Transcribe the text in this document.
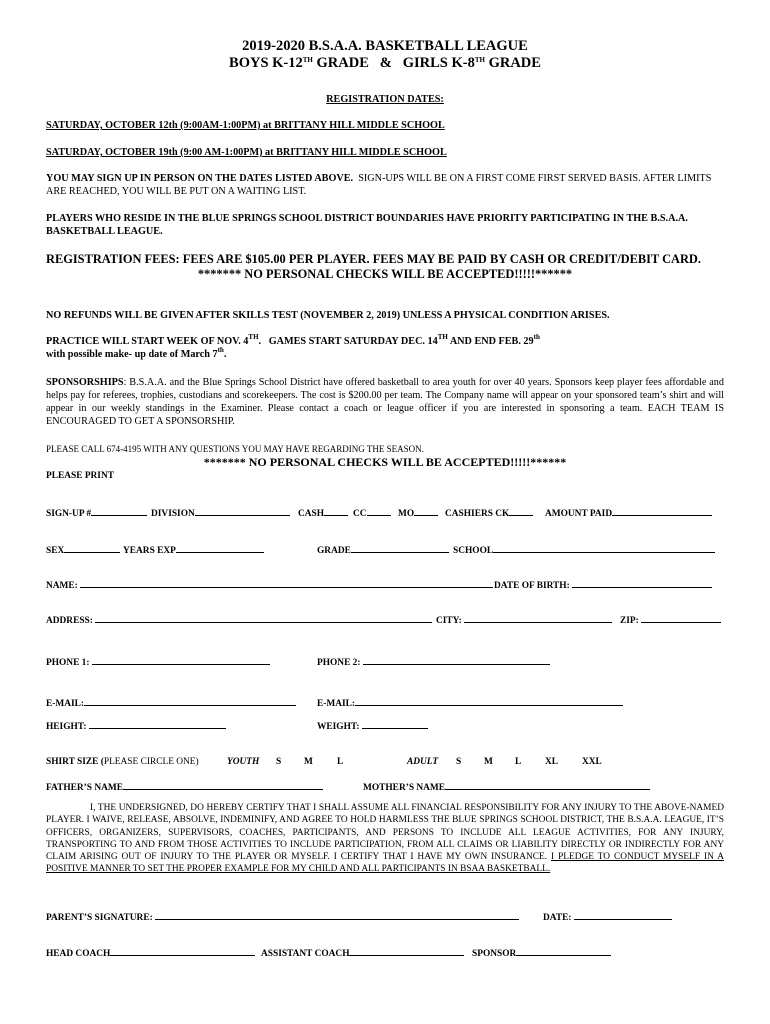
2019-2020 B.S.A.A. BASKETBALL LEAGUE
BOYS K-12TH GRADE   &   GIRLS K-8TH GRADE
REGISTRATION DATES:
SATURDAY, OCTOBER 12th (9:00AM-1:00PM) at BRITTANY HILL MIDDLE SCHOOL
SATURDAY, OCTOBER 19th (9:00 AM-1:00PM) at BRITTANY HILL MIDDLE SCHOOL
YOU MAY SIGN UP IN PERSON ON THE DATES LISTED ABOVE.  SIGN-UPS WILL BE ON A FIRST COME FIRST SERVED BASIS. AFTER LIMITS ARE REACHED, YOU WILL BE PUT ON A WAITING LIST.
PLAYERS WHO RESIDE IN THE BLUE SPRINGS SCHOOL DISTRICT BOUNDARIES HAVE PRIORITY PARTICIPATING IN THE B.S.A.A. BASKETBALL LEAGUE.
REGISTRATION FEES: FEES ARE $105.00 PER PLAYER. FEES MAY BE PAID BY CASH OR CREDIT/DEBIT CARD.
******* NO PERSONAL CHECKS WILL BE ACCEPTED!!!!!******
NO REFUNDS WILL BE GIVEN AFTER SKILLS TEST (NOVEMBER 2, 2019) UNLESS A PHYSICAL CONDITION ARISES.
PRACTICE WILL START WEEK OF NOV. 4TH.   GAMES START SATURDAY DEC. 14TH AND END FEB. 29th
with possible make- up date of March 7th.
SPONSORSHIPS: B.S.A.A. and the Blue Springs School District have offered basketball to area youth for over 40 years. Sponsors keep player fees affordable and helps pay for referees, trophies, custodians and scorekeepers. The cost is $200.00 per team. The Company name will appear on your sponsored team’s shirt and will appear in our weekly standings in the Examiner. Please contact a coach or league officer if you are interested in sponsoring a team. EACH TEAM IS ENCOURAGED TO GET A SPONSORSHIP.
PLEASE CALL 674-4195 WITH ANY QUESTIONS YOU MAY HAVE REGARDING THE SEASON.
******* NO PERSONAL CHECKS WILL BE ACCEPTED!!!!!******
PLEASE PRINT
SIGN-UP #	DIVISION	CASH	CC	MO	CASHIERS CK	AMOUNT PAID
SEX	YEARS EXP	GRADE	SCHOOL
NAME:	DATE OF BIRTH:
ADDRESS:	CITY:	ZIP:
PHONE 1:	PHONE 2:
E-MAIL:	E-MAIL:
HEIGHT:	WEIGHT:
SHIRT SIZE (PLEASE CIRCLE ONE)	YOUTH S M	L	ADULT S M L	XL	XXL
FATHER’S NAME	MOTHER’S NAME
I, THE UNDERSIGNED, DO HEREBY CERTIFY THAT I SHALL ASSUME ALL FINANCIAL RESPONSIBILITY FOR ANY INJURY TO THE ABOVE-NAMED PLAYER. I WAIVE, RELEASE, ABSOLVE, INDEMINIFY, AND AGREE TO HOLD HARMLESS THE BLUE SPRINGS SCHOOL DISTRICT, THE B.S.A.A. LEAGUE, IT’S OFFICERS, ORGANIZERS, SUPERVISORS, COACHES, PARTICIPANTS, AND PERSONS TO INCLUDE ALL LEAGUE ACTIVITIES, FOR ANY INJURY, TRANSPORTING TO AND FROM THOSE ACTIVITIES TO INCLUDE PARTICIPATION, FROM ALL CLAIMS OR LIABILITY DIRECTLY OR INDIRECTLY FOR ANY CLAIM ARISING OUT OF INJURY TO THE PLAYER OR MYSELF. I CERTIFY THAT I HAVE MY OWN INSURANCE. I PLEDGE TO CONDUCT MYSELF IN A POSITIVE MANNER TO SET THE PROPER EXAMPLE FOR MY CHILD AND ALL PARTICIPANTS IN BSAA BASKETBALL.
PARENT’S SIGNATURE:	DATE:
HEAD COACH	ASSISTANT COACH	SPONSOR
